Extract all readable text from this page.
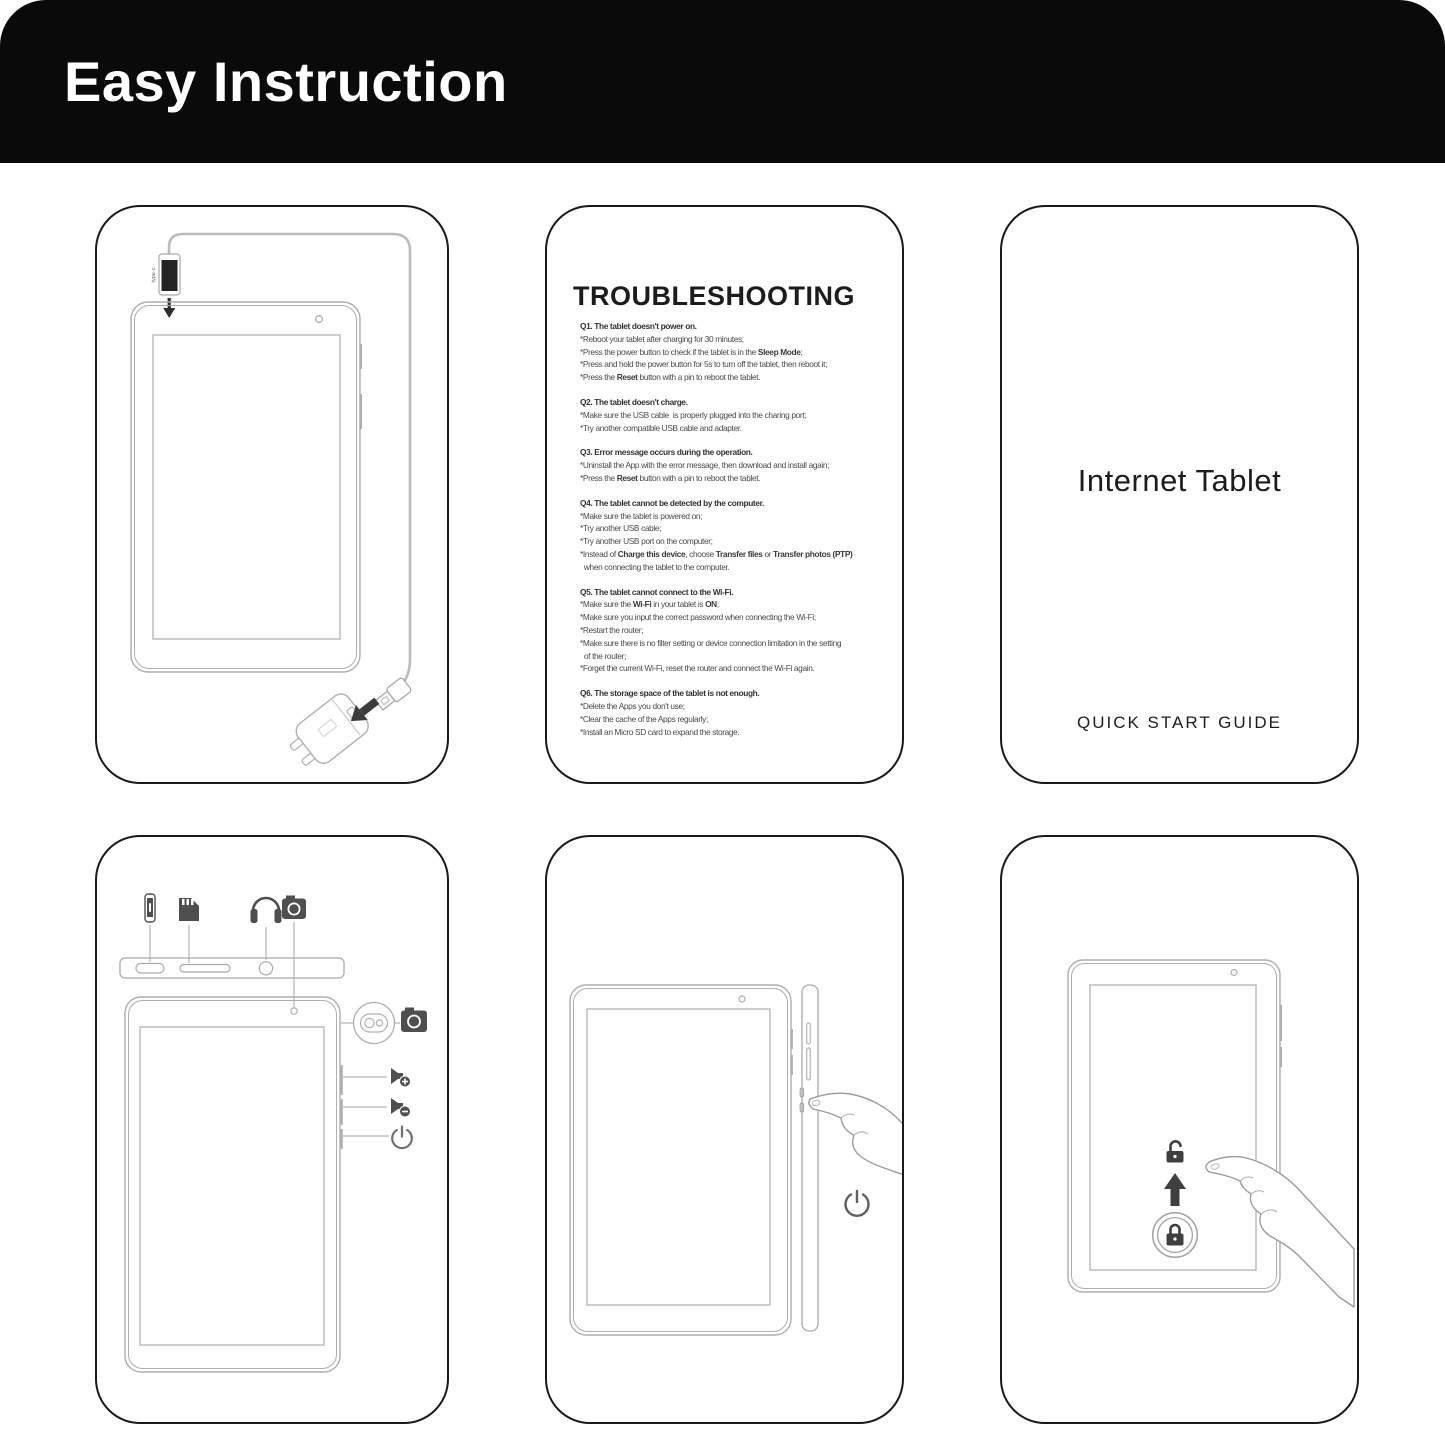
Easy Instruction
type-c
TROUBLESHOOTING
Q1. The tablet doesn't power on.
*Reboot your tablet after charging for 30 minutes;
*Press the power button to check if the tablet is in the Sleep Mode;
*Press and hold the power button for 5s to turn off the tablet, then reboot it;
*Press the Reset button with a pin to reboot the tablet.
Q2. The tablet doesn't charge.
*Make sure the USB cable  is properly plugged into the charing port;
*Try another compatible USB cable and adapter.
Q3. Error message occurs during the operation.
*Uninstall the App with the error message, then download and install again;
*Press the Reset button with a pin to reboot the tablet.
Q4. The tablet cannot be detected by the computer.
*Make sure the tablet is powered on;
*Try another USB cable;
*Try another USB port on the computer;
*Instead of Charge this device, choose Transfer files or Transfer photos (PTP)
when connecting the tablet to the computer.
Q5. The tablet cannot connect to the Wi-Fi.
*Make sure the Wi-Fi in your tablet is ON;
*Make sure you input the correct password when connecting the Wi-Fi;
*Restart the router;
*Make sure there is no filter setting or device connection limitation in the setting
of the router;
*Forget the current Wi-Fi, reset the router and connect the Wi-Fi again.
Q6. The storage space of the tablet is not enough.
*Delete the Apps you don't use;
*Clear the cache of the Apps regularly;
*Install an Micro SD card to expand the storage.
Internet Tablet
QUICK START GUIDE
